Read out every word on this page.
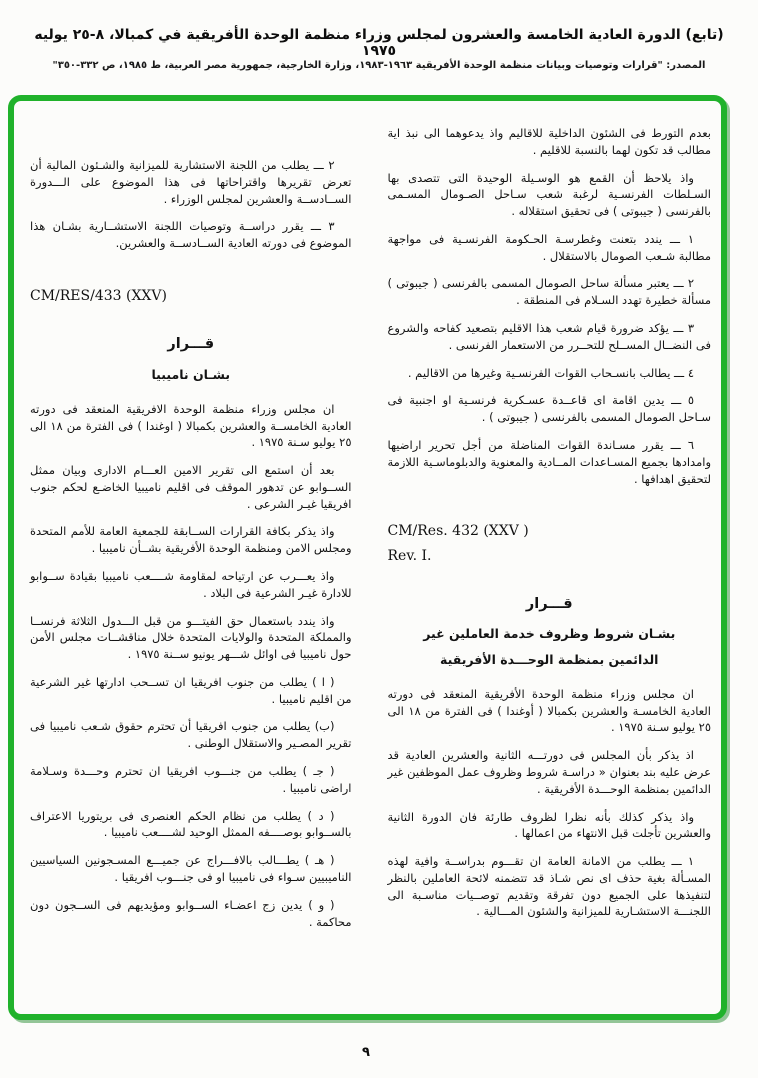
(تابع) الدورة العادية الخامسة والعشرون لمجلس وزراء منظمة الوحدة الأفريقية في كمبالا، ٨-٢٥ يوليه ١٩٧٥
المصدر: "قرارات وتوصيات وبيانات منظمة الوحدة الأفريقية ١٩٦٣-١٩٨٣، وزارة الخارجية، جمهورية مصر العربية، ط ١٩٨٥، ص ٣٣٢-٣٥٠"

بعدم التورط فى الشئون الداخلية للاقاليم واذ يدعوهما الى نبذ اية مطالب قد تكون لهما بالنسبة للاقليم .

واذ يلاحظ أن القمع هو الوسـيلة الوحيدة التى تتصدى بها السـلطات الفرنسـية لرغبة شعب سـاحل الصـومال المسـمى بالفرنسى ( جيبوتى ) فى تحقيق استقلاله .

١ ـــ يندد بتعنت وغطرسـة الحـكومة الفرنسـية فى مواجهة مطالبة شـعب الصومال بالاستقلال .

٢ ـــ يعتبر مسألة ساحل الصومال المسمى بالفرنسى ( جيبوتى ) مسألة خطيرة تهدد السـلام فى المنطقة .

٣ ـــ يؤكد ضرورة قيام شعب هذا الاقليم بتصعيد كفاحه والشروع فى النضــال المســلح للتحــرر من الاستعمار الفرنسى .

٤ ـــ يطالب بانسـحاب القوات الفرنسـية وغيرها من الاقاليم .

٥ ـــ يدين اقامة اى قاعــدة عسـكرية فرنسـية او اجنبية فى سـاحل الصومال المسمى بالفرنسى ( جيبوتى ) .

٦ ـــ يقرر مسـاندة القوات المناضلة من أجل تحرير اراضيها وامدادها بجميع المسـاعدات المــادية والمعنوية والدبلوماسـية اللازمة لتحقيق اهدافها .

CM/Res. 432 (XXV )

Rev. I.

قـــرار

بشـان شروط وظروف خدمة العاملين غير

الدائمين بمنظمة الوحـــدة الأفريقية

ان مجلس وزراء منظمة الوحدة الأفريقية المنعقد فى دورته العادية الخامسـة والعشرين بكمبالا ( أوغندا ) فى الفترة من ١٨ الى ٢٥ يوليو سـنة ١٩٧٥ .

اذ يذكر بأن المجلس فى دورتـــه الثانية والعشرين العادية قد عرض عليه بند بعنوان « دراسـة شروط وظروف عمل الموظفين غير الدائمين بمنظمة الوحـــدة الأفريقية .

واذ يذكر كذلك بأنه نظرا لظروف طارئة فان الدورة الثانية والعشرين تأجلت قبل الانتهاء من اعمالها .

١ ـــ يطلب من الامانة العامة ان تقـــوم بدراســة وافية لهذه المسـألة بغية حذف اى نص شـاذ قد تتضمنه لائحة العاملين بالنظر لتنفيذها على الجميع دون تفرقة وتقديم توصــيات مناسـبة الى اللجنـــة الاستشـارية للميزانية والشئون المـــالية .

٢ ـــ يطلب من اللجنة الاستشارية للميزانية والشـئون المالية أن تعرض تقريرها واقتراحاتها فى هذا الموضوع على الـــدورة الســادســة والعشرين لمجلس الوزراء .

٣ ـــ يقرر دراســة وتوصيات اللجنة الاستشــارية بشـان هذا الموضوع فى دورته العادية الســادســة والعشرين.

CM/RES/433 (XXV)

قـــرار

بشـان ناميبيا

ان مجلس وزراء منظمة الوحدة الافريقية المنعقد فى دورته العادية الخامســة والعشرين بكمبالا ( اوغندا ) فى الفترة من ١٨ الى ٢٥ يوليو سـنة ١٩٧٥ .

بعد أن استمع الى تقرير الامين العـــام الادارى وبيان ممثل الســوابو عن تدهور الموقف فى اقليم ناميبيا الخاضـع لحكم جنوب افريقيا غيـر الشرعى .

واذ يذكر بكافة القرارات الســابقة للجمعية العامة للأمم المتحدة ومجلس الامن ومنظمة الوحدة الأفريقية بشــأن ناميبيا .

واذ يعـــرب عن ارتياحه لمقاومة شــــعب ناميبيا بقيادة ســوابو للادارة غيـر الشرعية فى البلاد .

واذ يندد باستعمال حق الفيتـــو من قبل الـــدول الثلاثة فرنســا والمملكة المتحدة والولايات المتحدة خلال مناقشــات مجلس الأمن حول ناميبيا فى اوائل شـــهر يونيو ســنة ١٩٧٥ .

( ا ) يطلب من جنوب افريقيا ان تســحب ادارتها غير الشرعية من اقليم ناميبيا .

(ب) يطلب من جنوب افريقيا أن تحترم حقوق شـعب ناميبيا فى تقرير المصـير والاستقلال الوطنى .

( جـ ) يطلب من جنـــوب افريقيا ان تحترم وحـــدة وسـلامة اراضى ناميبيا .

( د ) يطلب من نظام الحكم العنصرى فى بريتوريا الاعتراف بالســوابو بوصــــفه الممثل الوحيد لشــــعب ناميبيا .

( هـ ) يطـــالب بالافـــراج عن جميـــع المسـجونين السياسيين الناميبيين سـواء فى ناميبيا او فى جنـــوب افريقيا .

( و ) يدين زج اعضـاء الســوابو ومؤيديهم فى الســجون دون محاكمة .

٩
